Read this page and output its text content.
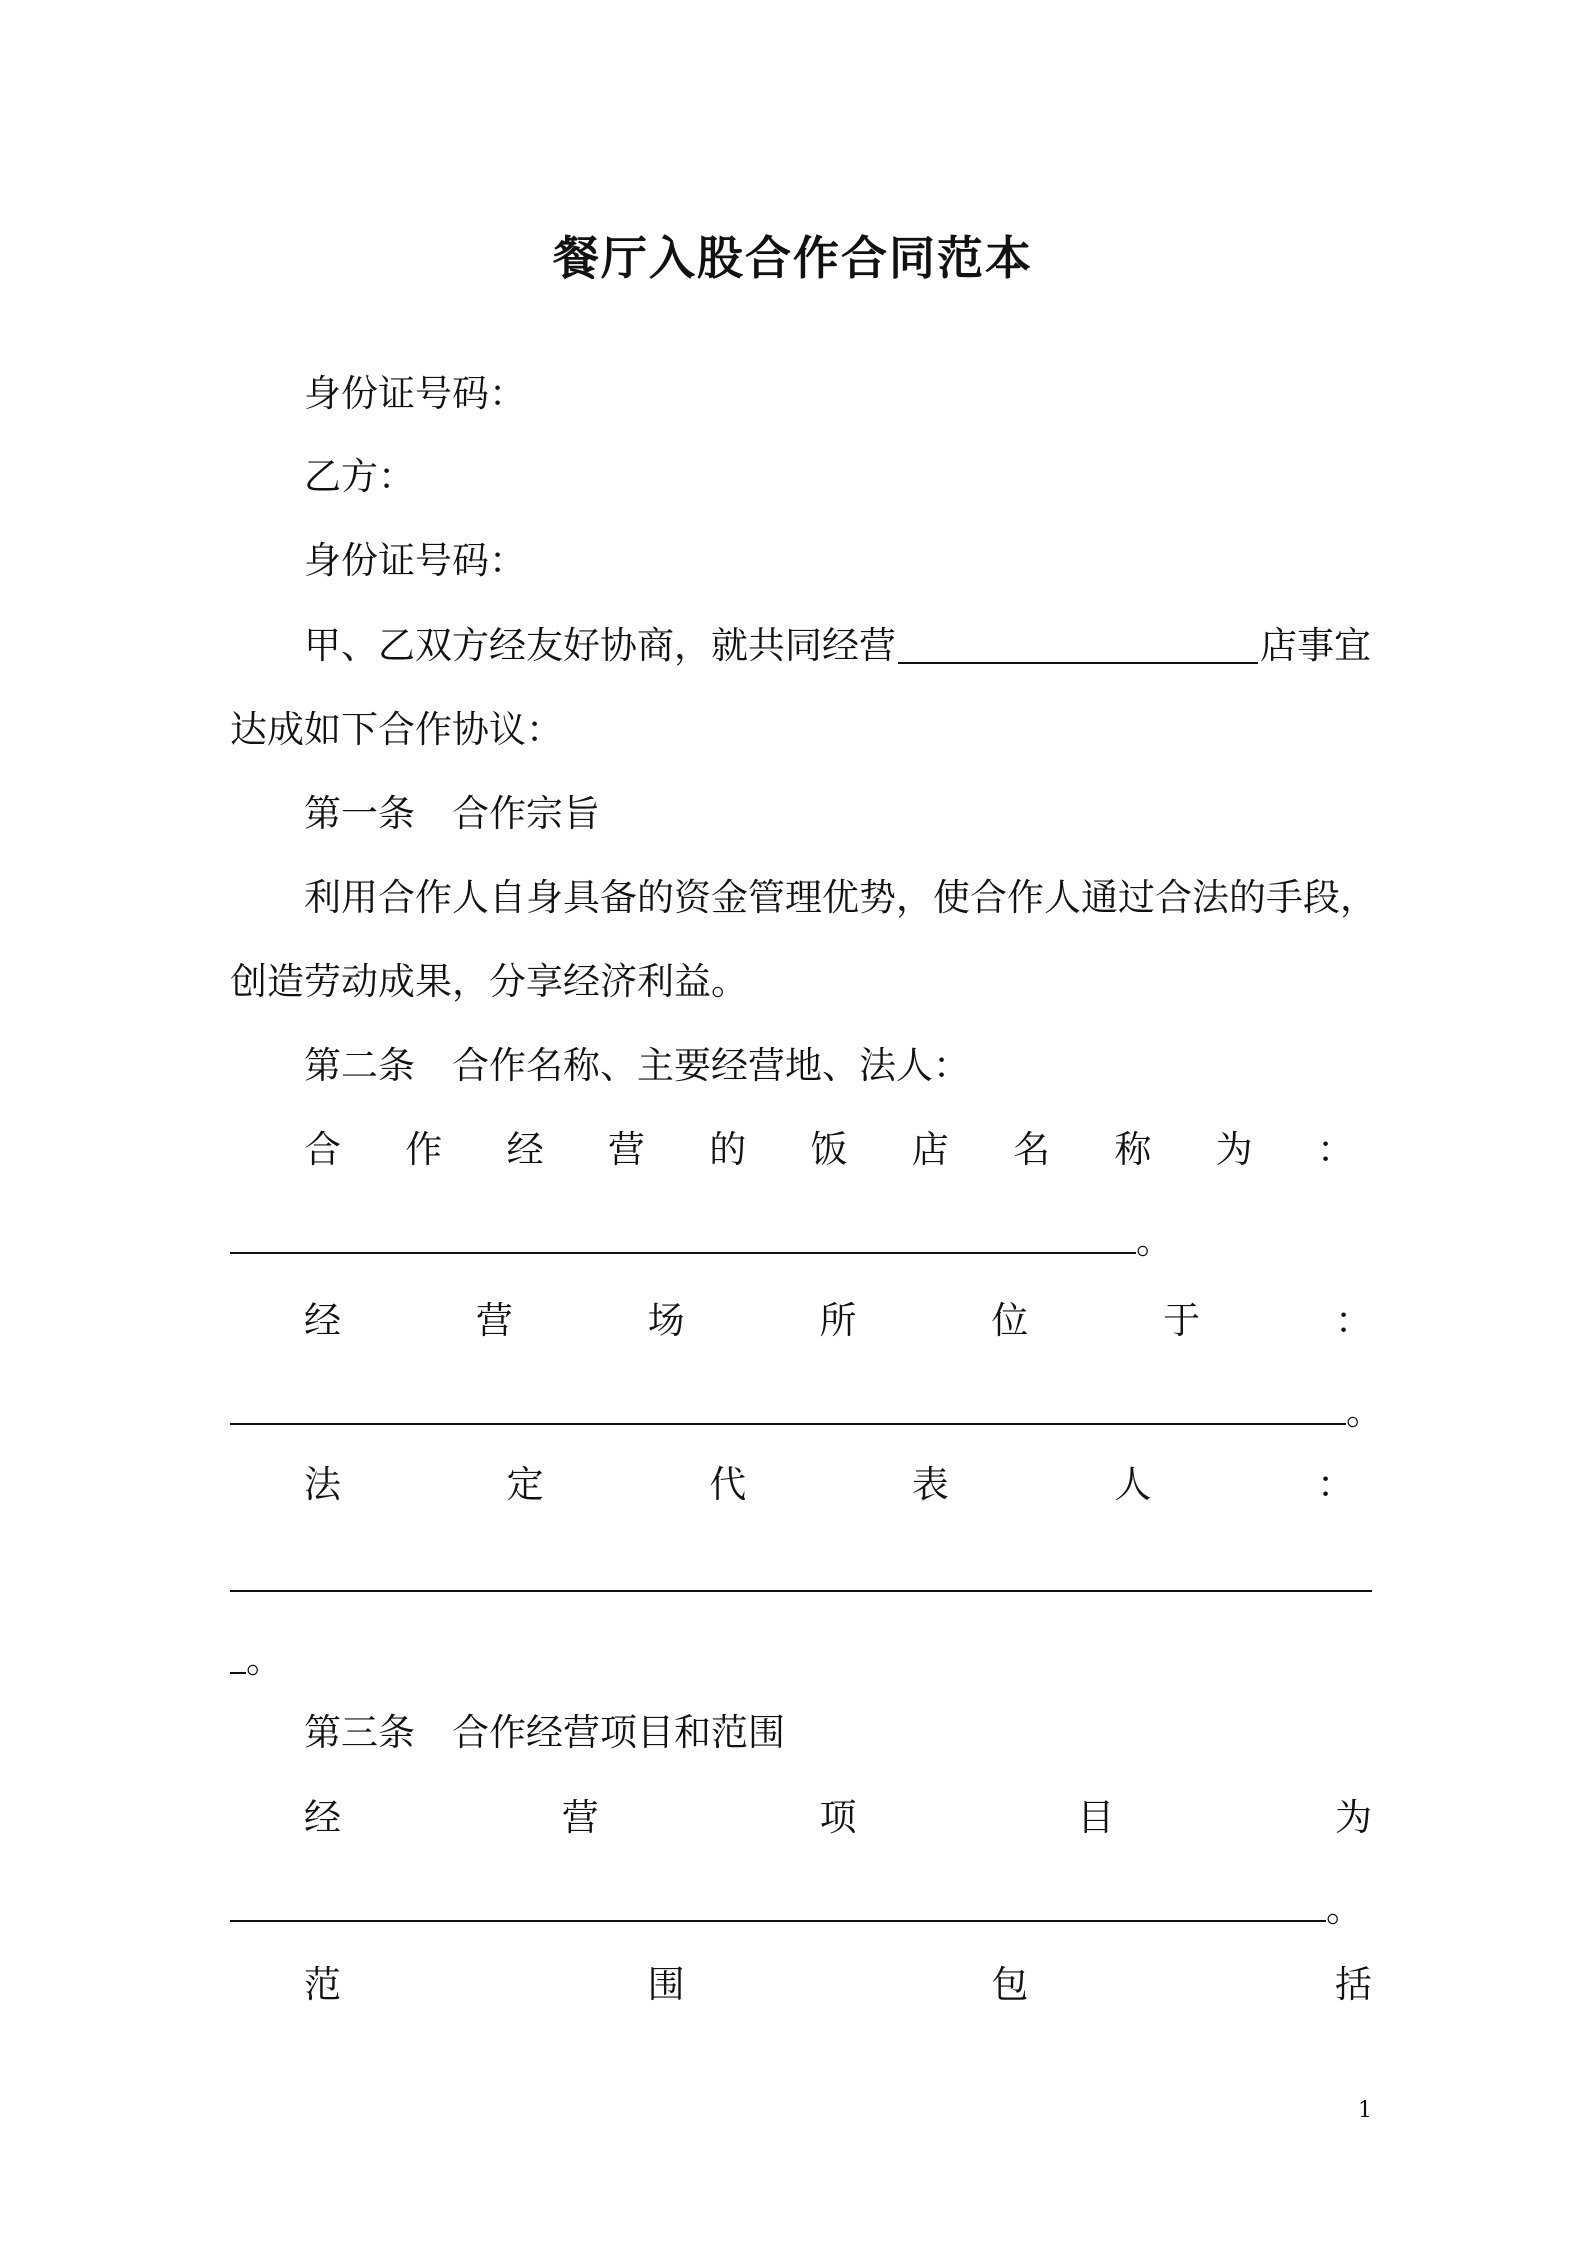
餐厅入股合作合同范本
身份证号码：
乙方：
身份证号码：
甲、乙双方经友好协商，就共同经营	店事宜
达成如下合作协议：
第一条　合作宗旨
利用合作人自身具备的资金管理优势，使合作人通过合法的手段，
创造劳动成果，分享经济利益。
第二条　合作名称、主要经营地、法人：
合 作 经 营 的 饭 店 名 称 为 ：
。
经	营	场	所	位	于	：
。
法	定	代	表	人	：
。
第三条　合作经营项目和范围
经	营	项	目	为
。
范	围	包	括
1
